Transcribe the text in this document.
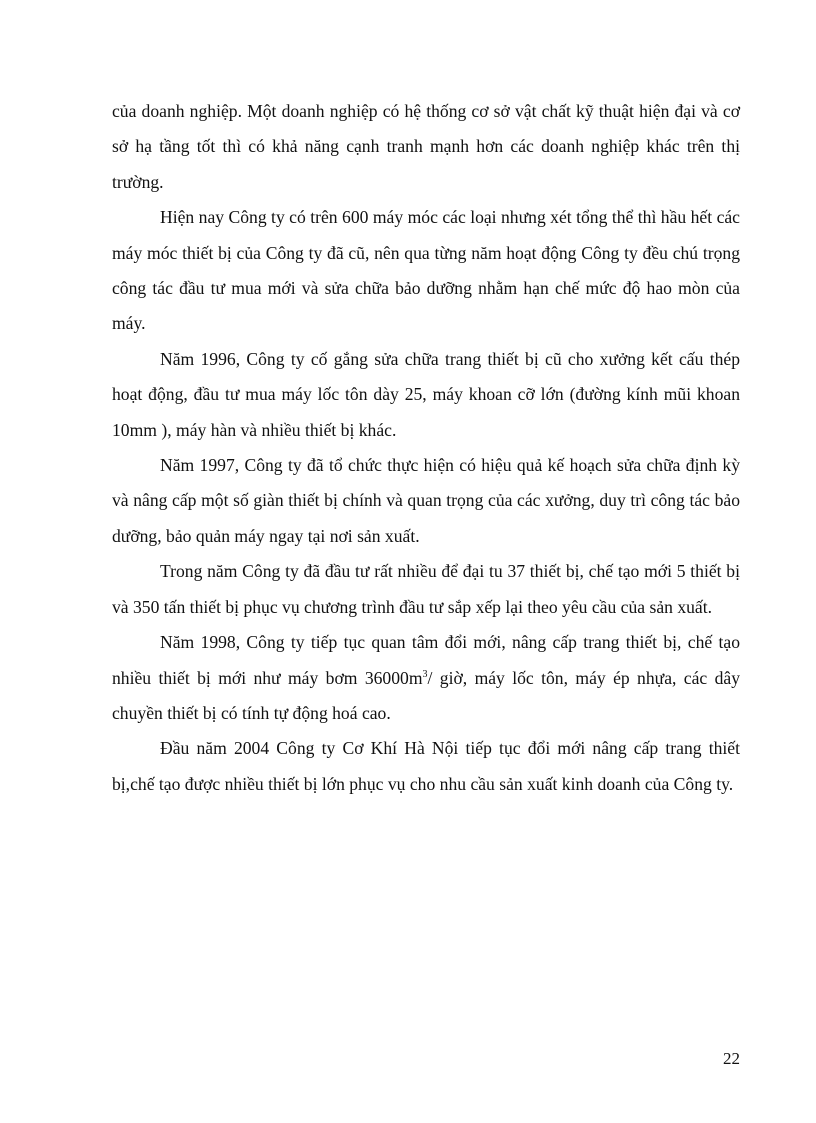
của doanh nghiệp. Một doanh nghiệp có hệ thống cơ sở vật chất kỹ thuật hiện đại và cơ sở hạ tầng tốt thì có khả năng cạnh tranh mạnh hơn các doanh nghiệp khác trên thị trường.

Hiện nay Công ty có trên 600 máy móc các loại nhưng xét tổng thể thì hầu hết các máy móc thiết bị của Công ty đã cũ, nên qua từng năm hoạt động Công ty đều chú trọng công tác đầu tư mua mới và sửa chữa bảo dưỡng nhằm hạn chế mức độ hao mòn của máy.

Năm 1996, Công ty cố gắng sửa chữa trang thiết bị cũ cho xưởng kết cấu thép hoạt động, đầu tư mua máy lốc tôn dày 25, máy khoan cỡ lớn (đường kính mũi khoan 10mm ), máy hàn và nhiều thiết bị khác.

Năm 1997, Công ty đã tổ chức thực hiện có hiệu quả kế hoạch sửa chữa định kỳ và nâng cấp một số giàn thiết bị chính và quan trọng của các xưởng, duy trì công tác bảo dưỡng, bảo quản máy ngay tại nơi sản xuất.

Trong năm Công ty đã đầu tư rất nhiều để đại tu 37 thiết bị, chế tạo mới 5 thiết bị và 350 tấn thiết bị phục vụ chương trình đầu tư sắp xếp lại theo yêu cầu của sản xuất.

Năm 1998, Công ty tiếp tục quan tâm đổi mới, nâng cấp trang thiết bị, chế tạo nhiều thiết bị mới như máy bơm $36000m^3/$ giờ, máy lốc tôn, máy ép nhựa, các dây chuyền thiết bị có tính tự động hoá cao.

Đầu năm 2004 Công ty Cơ Khí Hà Nội tiếp tục đổi mới nâng cấp trang thiết bị,chế tạo được nhiều thiết bị lớn phục vụ cho nhu cầu sản xuất kinh doanh của Công ty.

22
